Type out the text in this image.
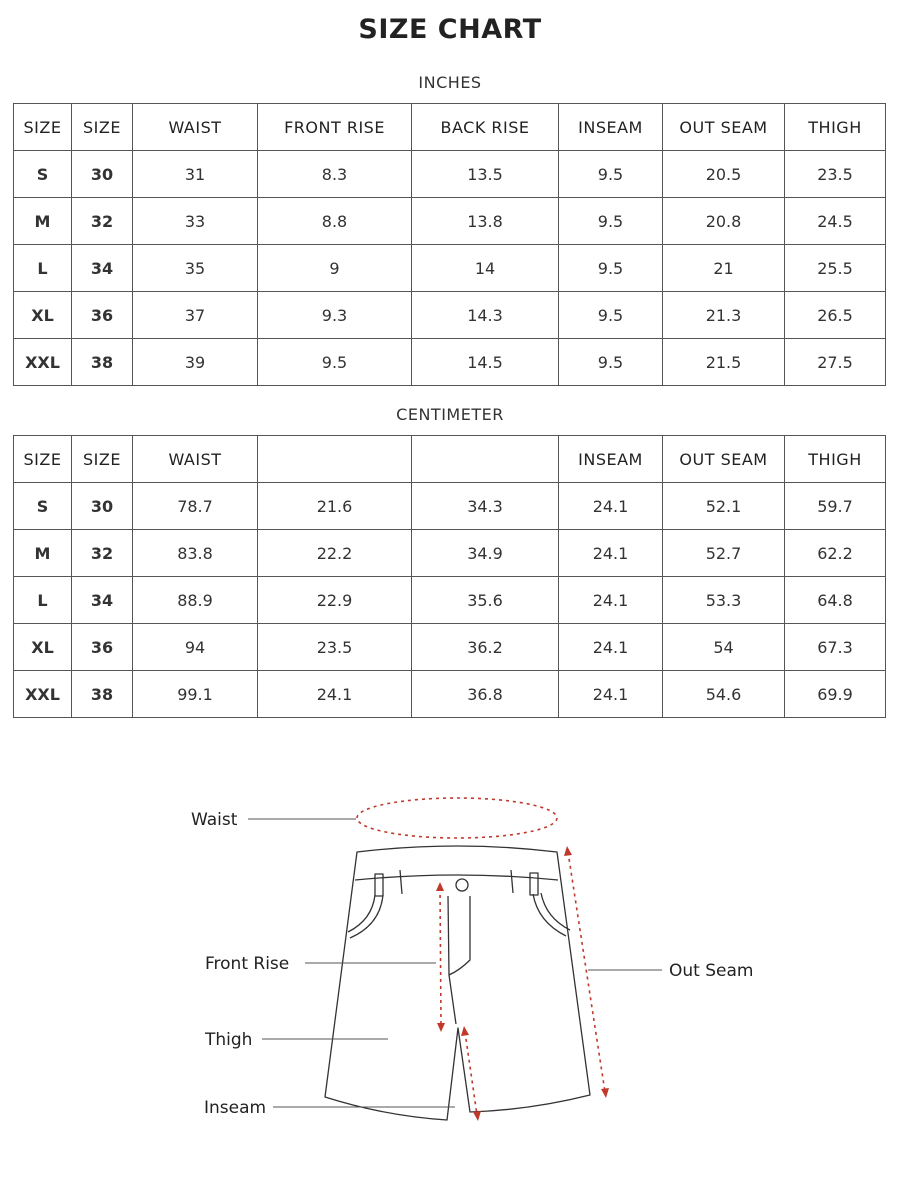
SIZE CHART
INCHES
SIZE	SIZE	WAIST	FRONT RISE	BACK RISE	INSEAM	OUT SEAM	THIGH
S	30	31	8.3	13.5	9.5	20.5	23.5
M	32	33	8.8	13.8	9.5	20.8	24.5
L	34	35	9	14	9.5	21	25.5
XL	36	37	9.3	14.3	9.5	21.3	26.5
XXL	38	39	9.5	14.5	9.5	21.5	27.5
CENTIMETER
SIZE	SIZE	WAIST			INSEAM	OUT SEAM	THIGH
S	30	78.7	21.6	34.3	24.1	52.1	59.7
M	32	83.8	22.2	34.9	24.1	52.7	62.2
L	34	88.9	22.9	35.6	24.1	53.3	64.8
XL	36	94	23.5	36.2	24.1	54	67.3
XXL	38	99.1	24.1	36.8	24.1	54.6	69.9
Waist
Front Rise
Thigh
Inseam
Out Seam
